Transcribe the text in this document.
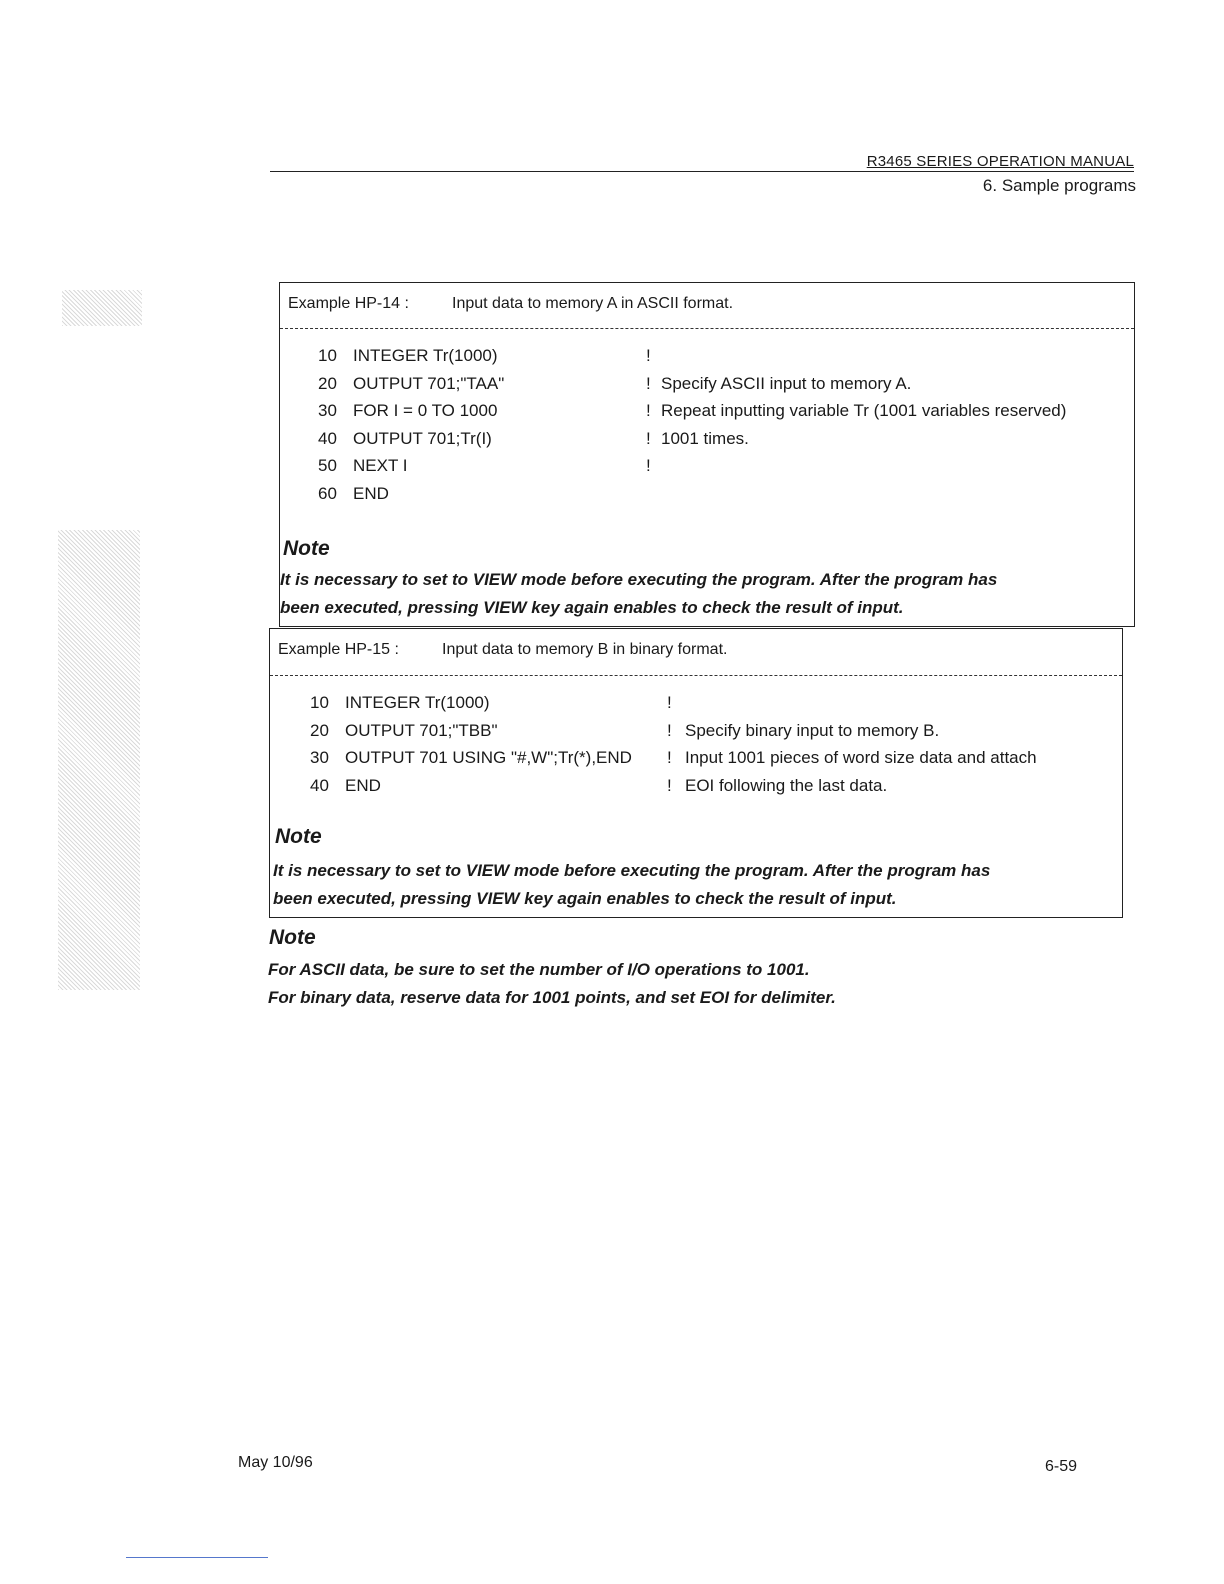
R3465 SERIES OPERATION MANUAL
6. Sample programs
Example HP-14 :	Input data to memory A in ASCII format.
10 INTEGER Tr(1000)	!
20 OUTPUT 701;"TAA"	! Specify ASCII input to memory A.
30 FOR I = 0 TO 1000	! Repeat inputting variable Tr (1001 variables reserved)
40 OUTPUT 701;Tr(I)	! 1001 times.
50 NEXT I	!
60 END
Note
It is necessary to set to VIEW mode before executing the program. After the program has
been executed, pressing VIEW key again enables to check the result of input.
Example HP-15 :	Input data to memory B in binary format.
10 INTEGER Tr(1000)	!
20 OUTPUT 701;"TBB"	! Specify binary input to memory B.
30 OUTPUT 701 USING "#,W";Tr(*),END ! Input 1001 pieces of word size data and attach
40 END	! EOI following the last data.
Note
It is necessary to set to VIEW mode before executing the program. After the program has
been executed, pressing VIEW key again enables to check the result of input.
Note
For ASCII data, be sure to set the number of I/O operations to 1001.
For binary data, reserve data for 1001 points, and set EOI for delimiter.
May 10/96	6-59
